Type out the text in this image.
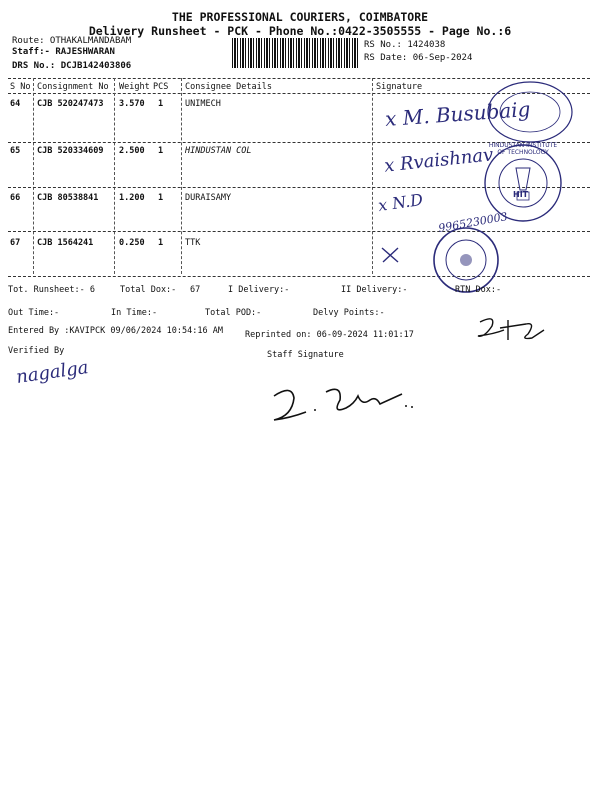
THE PROFESSIONAL COURIERS, COIMBATORE
Delivery Runsheet - PCK - Phone No.:0422-3505555 - Page No.:6
Route: OTHAKALMANDABAM
Staff:- RAJESHWARAN
DRS No.: DCJB142403806
RS No.: 1424038
RS Date: 06-Sep-2024
S No Consignment No Weight PCS Consignee Details	Signature
64 CJB 520247473 3.570 1	UNIMECH
65 CJB 520334609 2.500 1	HINDUSTAN COL
66 CJB 80538841 1.200 1	DURAISAMY
67 CJB 1564241	0.250 1	TTK
x M. Busubaig
x Rvaishnav
x N.D
9965230003
HINDUSTAN INSTITUTE OF TECHNOLOGY
HIT
Tot. Runsheet:- 6	Total Dox:- 67	I Delivery:-	II Delivery:-	RTN Dox:-
Out Time:-	In Time:-	Total POD:-	Delvy Points:-
Entered By :KAVIPCK 09/06/2024 10:54:16 AM	Reprinted on: 06-09-2024 11:01:17
Verified By	Staff Signature
nagalga
